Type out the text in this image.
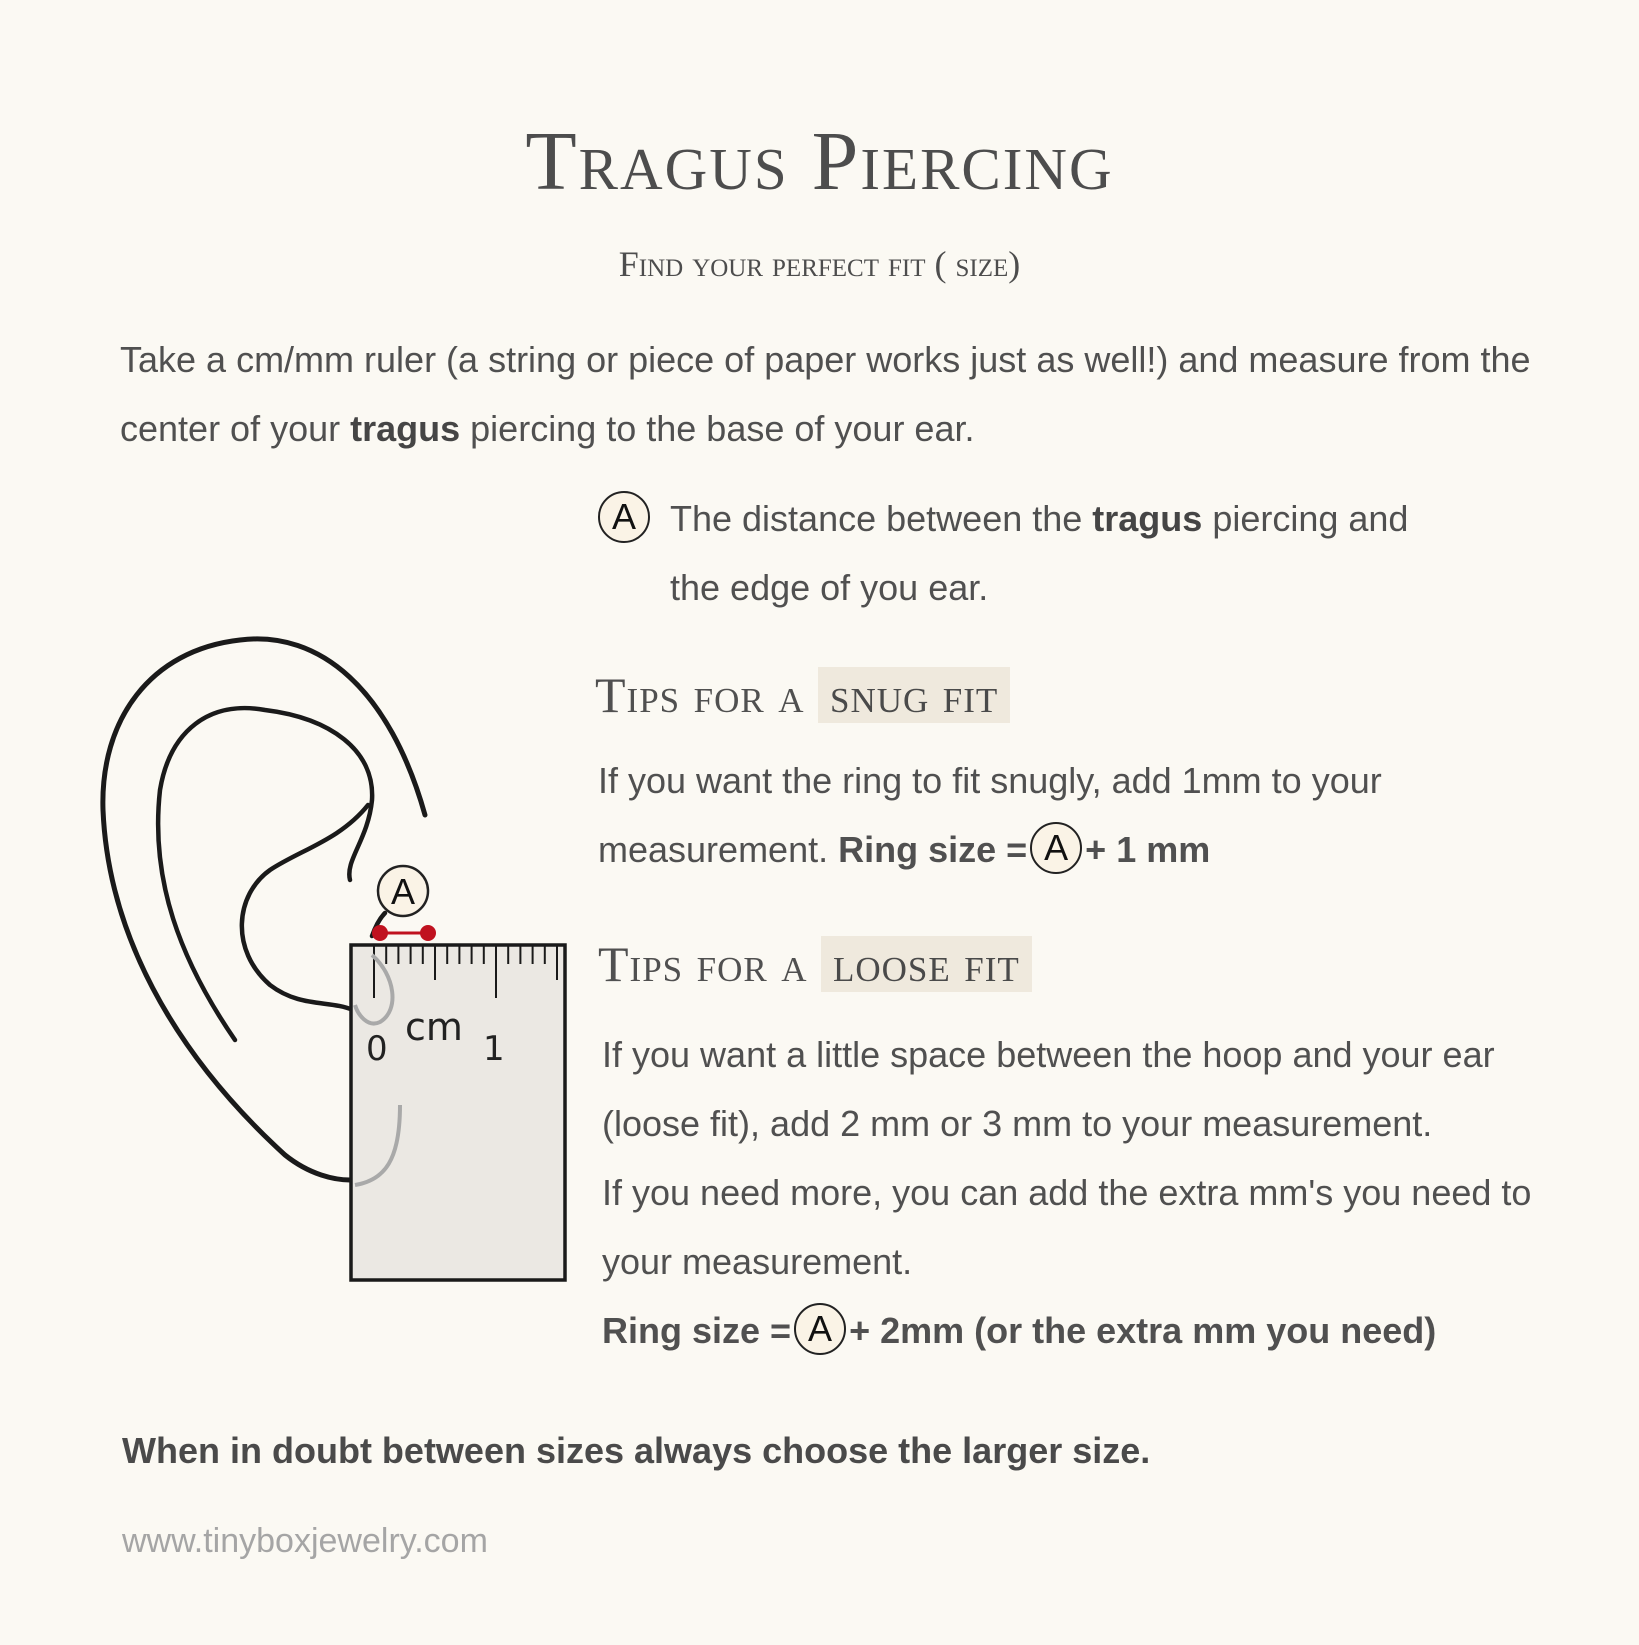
Tragus Piercing
Find your perfect fit ( size)
Take a cm/mm ruler (a string or piece of paper works just as well!) and measure from the center of your tragus piercing to the base of your ear.
0 cm 1
A
A The distance between the tragus piercing and the edge of you ear.
Tips for a snug fit
If you want the ring to fit snugly, add 1mm to your measurement. Ring size = A + 1 mm
Tips for a loose fit
If you want a little space between the hoop and your ear (loose fit), add 2 mm or 3 mm to your measurement.
If you need more, you can add the extra mm's you need to your measurement.
Ring size = A + 2mm (or the extra mm you need)
When in doubt between sizes always choose the larger size.
www.tinyboxjewelry.com
